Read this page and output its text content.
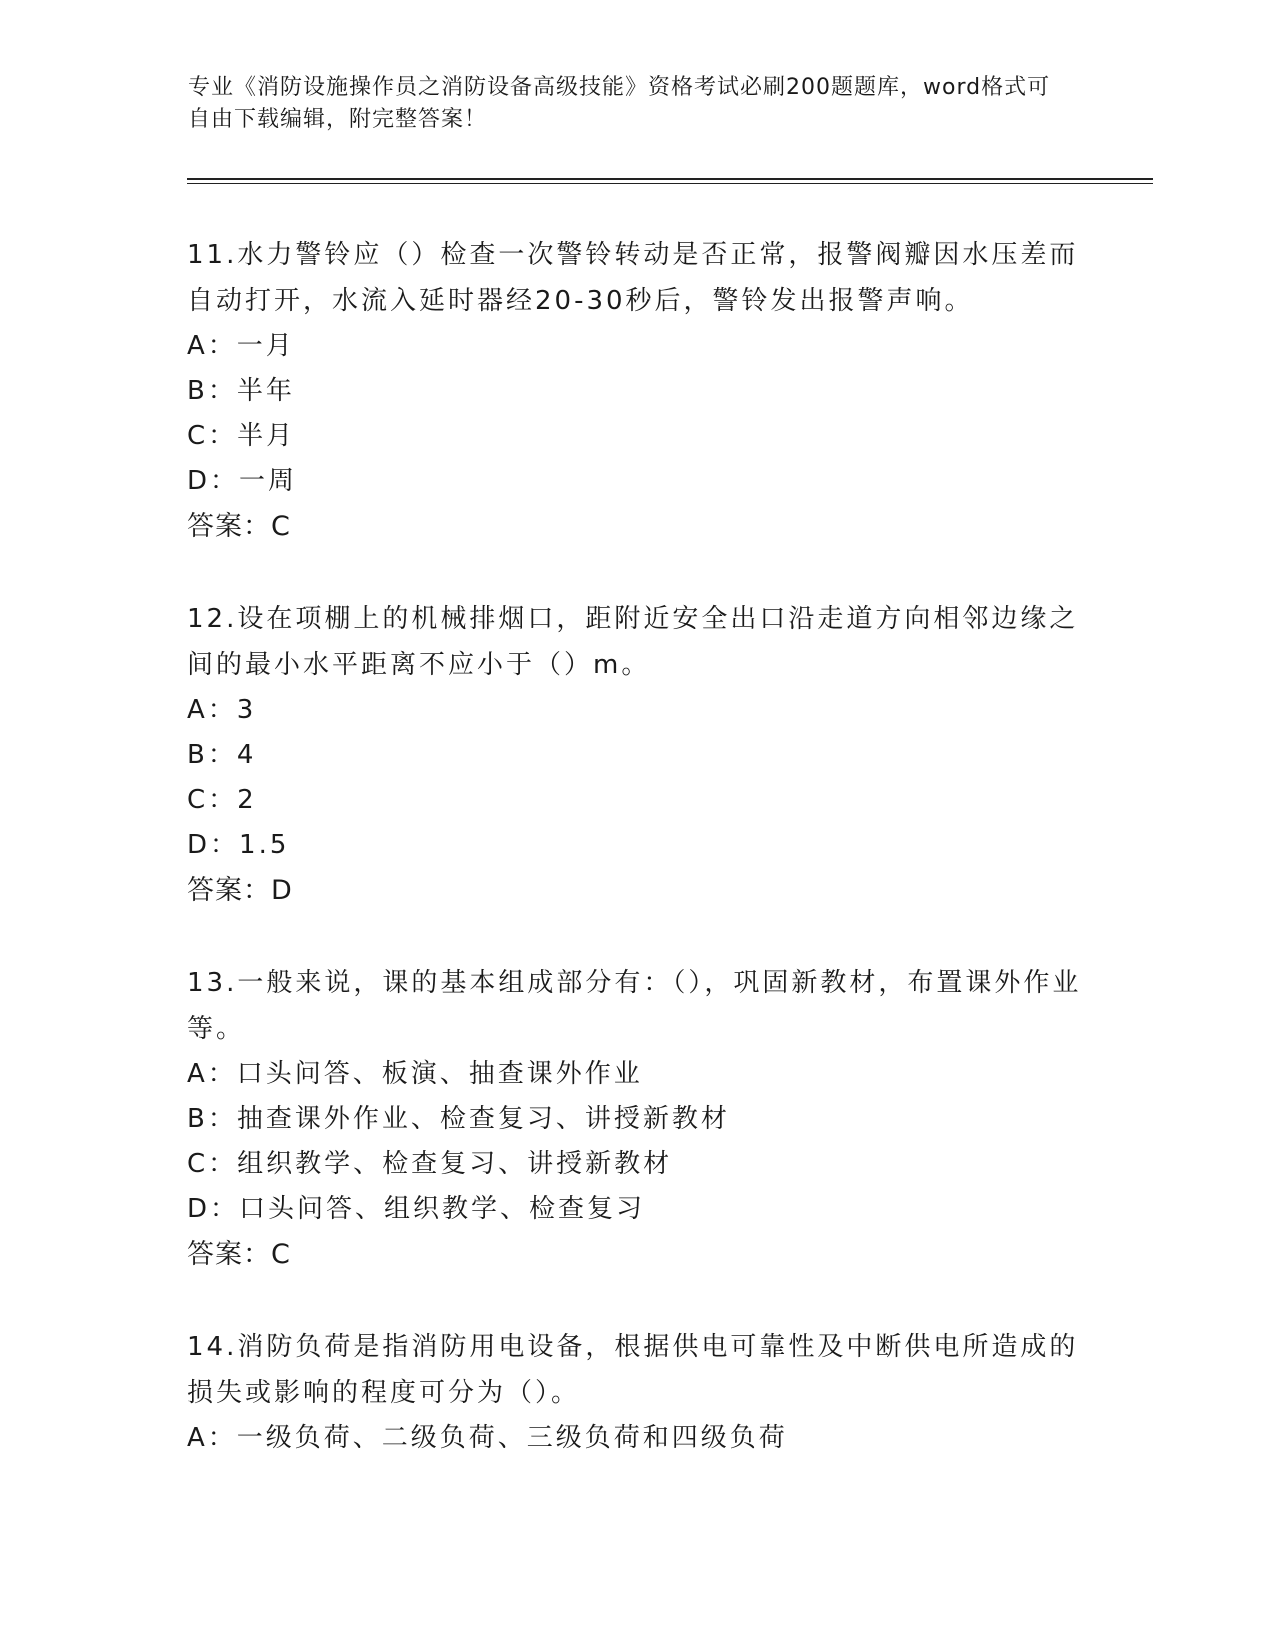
专业《消防设施操作员之消防设备高级技能》资格考试必刷200题题库，word格式可自由下载编辑，附完整答案！

11.水力警铃应（）检查一次警铃转动是否正常，报警阀瓣因水压差而自动打开，水流入延时器经20-30秒后，警铃发出报警声响。

A：一月

B：半年

C：半月

D：一周

答案：C

12.设在项棚上的机械排烟口，距附近安全出口沿走道方向相邻边缘之间的最小水平距离不应小于（）m。

A：3

B：4

C：2

D：1.5

答案：D

13.一般来说，课的基本组成部分有：（），巩固新教材，布置课外作业等。

A：口头问答、板演、抽查课外作业

B：抽查课外作业、检查复习、讲授新教材

C：组织教学、检查复习、讲授新教材

D：口头问答、组织教学、检查复习

答案：C

14.消防负荷是指消防用电设备，根据供电可靠性及中断供电所造成的损失或影响的程度可分为（）。

A：一级负荷、二级负荷、三级负荷和四级负荷
